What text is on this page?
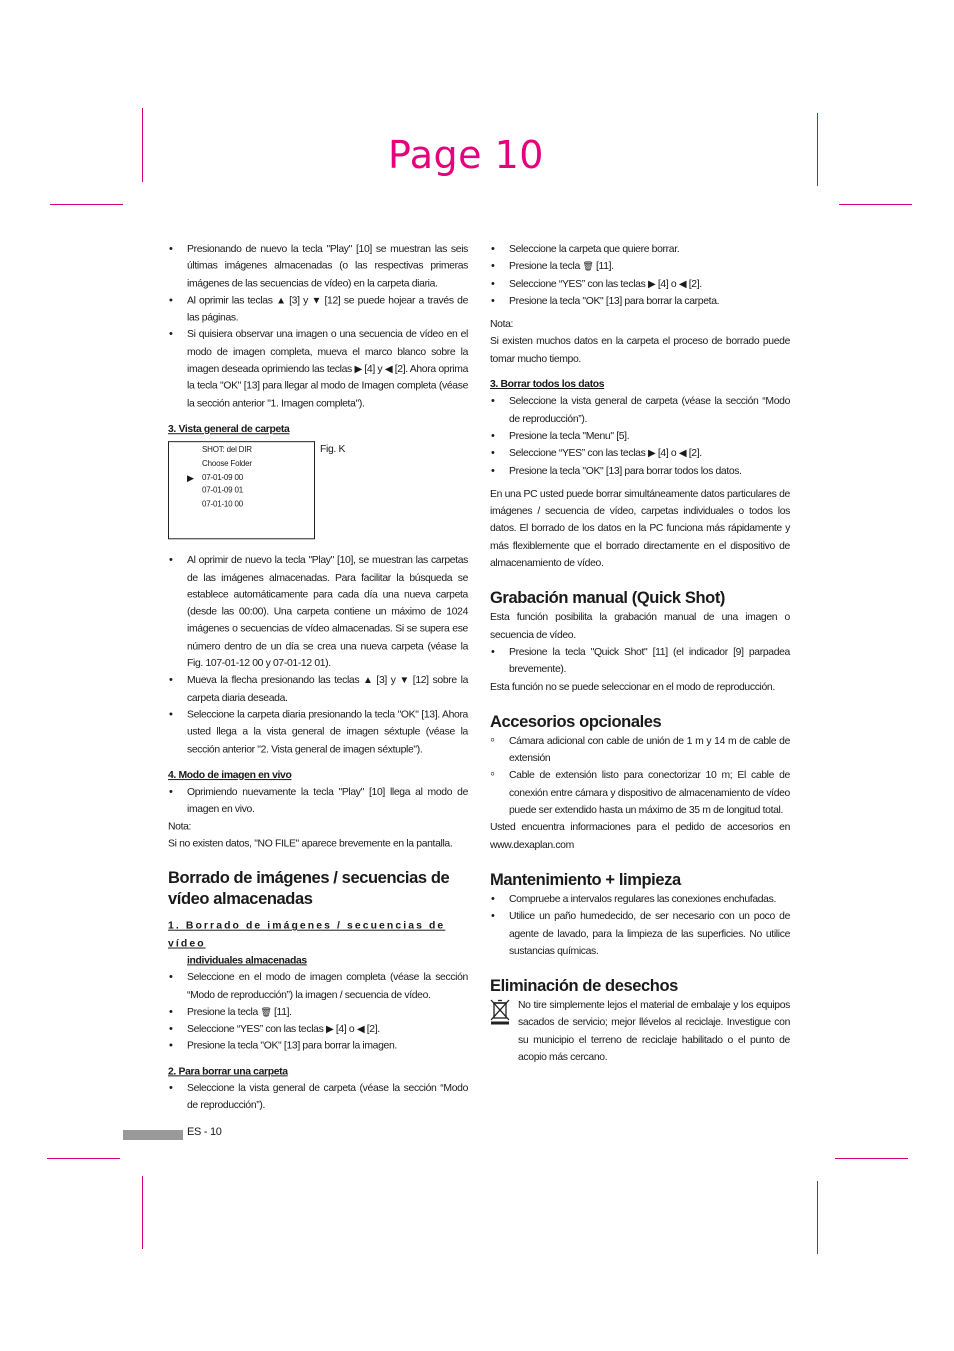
Page 10
• Presionando de nuevo la tecla "Play" [10] se muestran las seis últimas imágenes almacenadas (o las respectivas primeras imágenes de las secuencias de vídeo) en la carpeta diaria.
• Al oprimir las teclas ▲ [3] y ▼ [12] se puede hojear a través de las páginas.
• Si quisiera observar una imagen o una secuencia de vídeo en el modo de imagen completa, mueva el marco blanco sobre la imagen deseada oprimiendo las teclas ▶ [4] y ◀ [2]. Ahora oprima la tecla "OK" [13] para llegar al modo de Imagen completa (véase la sección anterior "1. Imagen completa").

3. Vista general de carpeta

▶
SHOT: del DIR
Choose Folder
07-01-09 00
07-01-09 01
07-01-10 00
Fig. K
• Al oprimir de nuevo la tecla "Play" [10], se muestran las carpetas de las imágenes almacenadas. Para facilitar la búsqueda se establece automáticamente para cada día una nueva carpeta (desde las 00:00). Una carpeta contiene un máximo de 1024 imágenes o secuencias de vídeo almacenadas. Si se supera ese número dentro de un día se crea una nueva carpeta (véase la Fig. 107-01-12 00 y 07-01-12 01).
• Mueva la flecha presionando las teclas ▲ [3] y ▼ [12] sobre la carpeta diaria deseada.
• Seleccione la carpeta diaria presionando la tecla "OK" [13]. Ahora usted llega a la vista general de imagen séxtuple (véase la sección anterior "2. Vista general de imagen séxtuple").

4. Modo de imagen en vivo

• Oprimiendo nuevamente la tecla "Play" [10] llega al modo de imagen en vivo.

Nota:

Si no existen datos, "NO FILE" aparece brevemente en la pantalla.

Borrado de imágenes / secuencias de vídeo almacenadas

1. Borrado de imágenes / secuencias de vídeo

individuales almacenadas

• Seleccione en el modo de imagen completa (véase la sección “Modo de reproducción”) la imagen / secuencia de vídeo.
• Presione la tecla 🗑 [11].
• Seleccione “YES” con las teclas ▶ [4] o ◀ [2].
• Presione la tecla "OK" [13] para borrar la imagen.

2. Para borrar una carpeta

• Seleccione la vista general de carpeta (véase la sección “Modo de reproducción”).
• Seleccione la carpeta que quiere borrar.
• Presione la tecla 🗑 [11].
• Seleccione “YES” con las teclas ▶ [4] o ◀ [2].
• Presione la tecla "OK" [13] para borrar la carpeta.

Nota:

Si existen muchos datos en la carpeta el proceso de borrado puede tomar mucho tiempo.

3. Borrar todos los datos

• Seleccione la vista general de carpeta (véase la sección “Modo de reproducción”).
• Presione la tecla "Menu" [5].
• Seleccione “YES” con las teclas ▶ [4] o ◀ [2].
• Presione la tecla "OK" [13] para borrar todos los datos.

En una PC usted puede borrar simultáneamente datos particulares de imágenes / secuencia de vídeo, carpetas individuales o todos los datos. El borrado de los datos en la PC funciona más rápidamente y más flexiblemente que el borrado directamente en el dispositivo de almacenamiento de vídeo.

Grabación manual (Quick Shot)

Esta función posibilita la grabación manual de una imagen o secuencia de vídeo.

• Presione la tecla "Quick Shot" [11] (el indicador [9] parpadea brevemente).

Esta función no se puede seleccionar en el modo de reproducción.

Accesorios opcionales

◦ Cámara adicional con cable de unión de 1 m y 14 m de cable de extensión
◦ Cable de extensión listo para conectorizar 10 m; El cable de conexión entre cámara y dispositivo de almacenamiento de vídeo puede ser extendido hasta un máximo de 35 m de longitud total.

Usted encuentra informaciones para el pedido de accesorios en www.dexaplan.com

Mantenimiento + limpieza

• Compruebe a intervalos regulares las conexiones enchufadas.
• Utilice un paño humedecido, de ser necesario con un poco de agente de lavado, para la limpieza de las superficies. No utilice sustancias químicas.

Eliminación de desechos

No tire simplemente lejos el material de embalaje y los equipos sacados de servicio; mejor llévelos al reciclaje. Investigue con su municipio el terreno de reciclaje habilitado o el punto de acopio más cercano.

ES - 10
